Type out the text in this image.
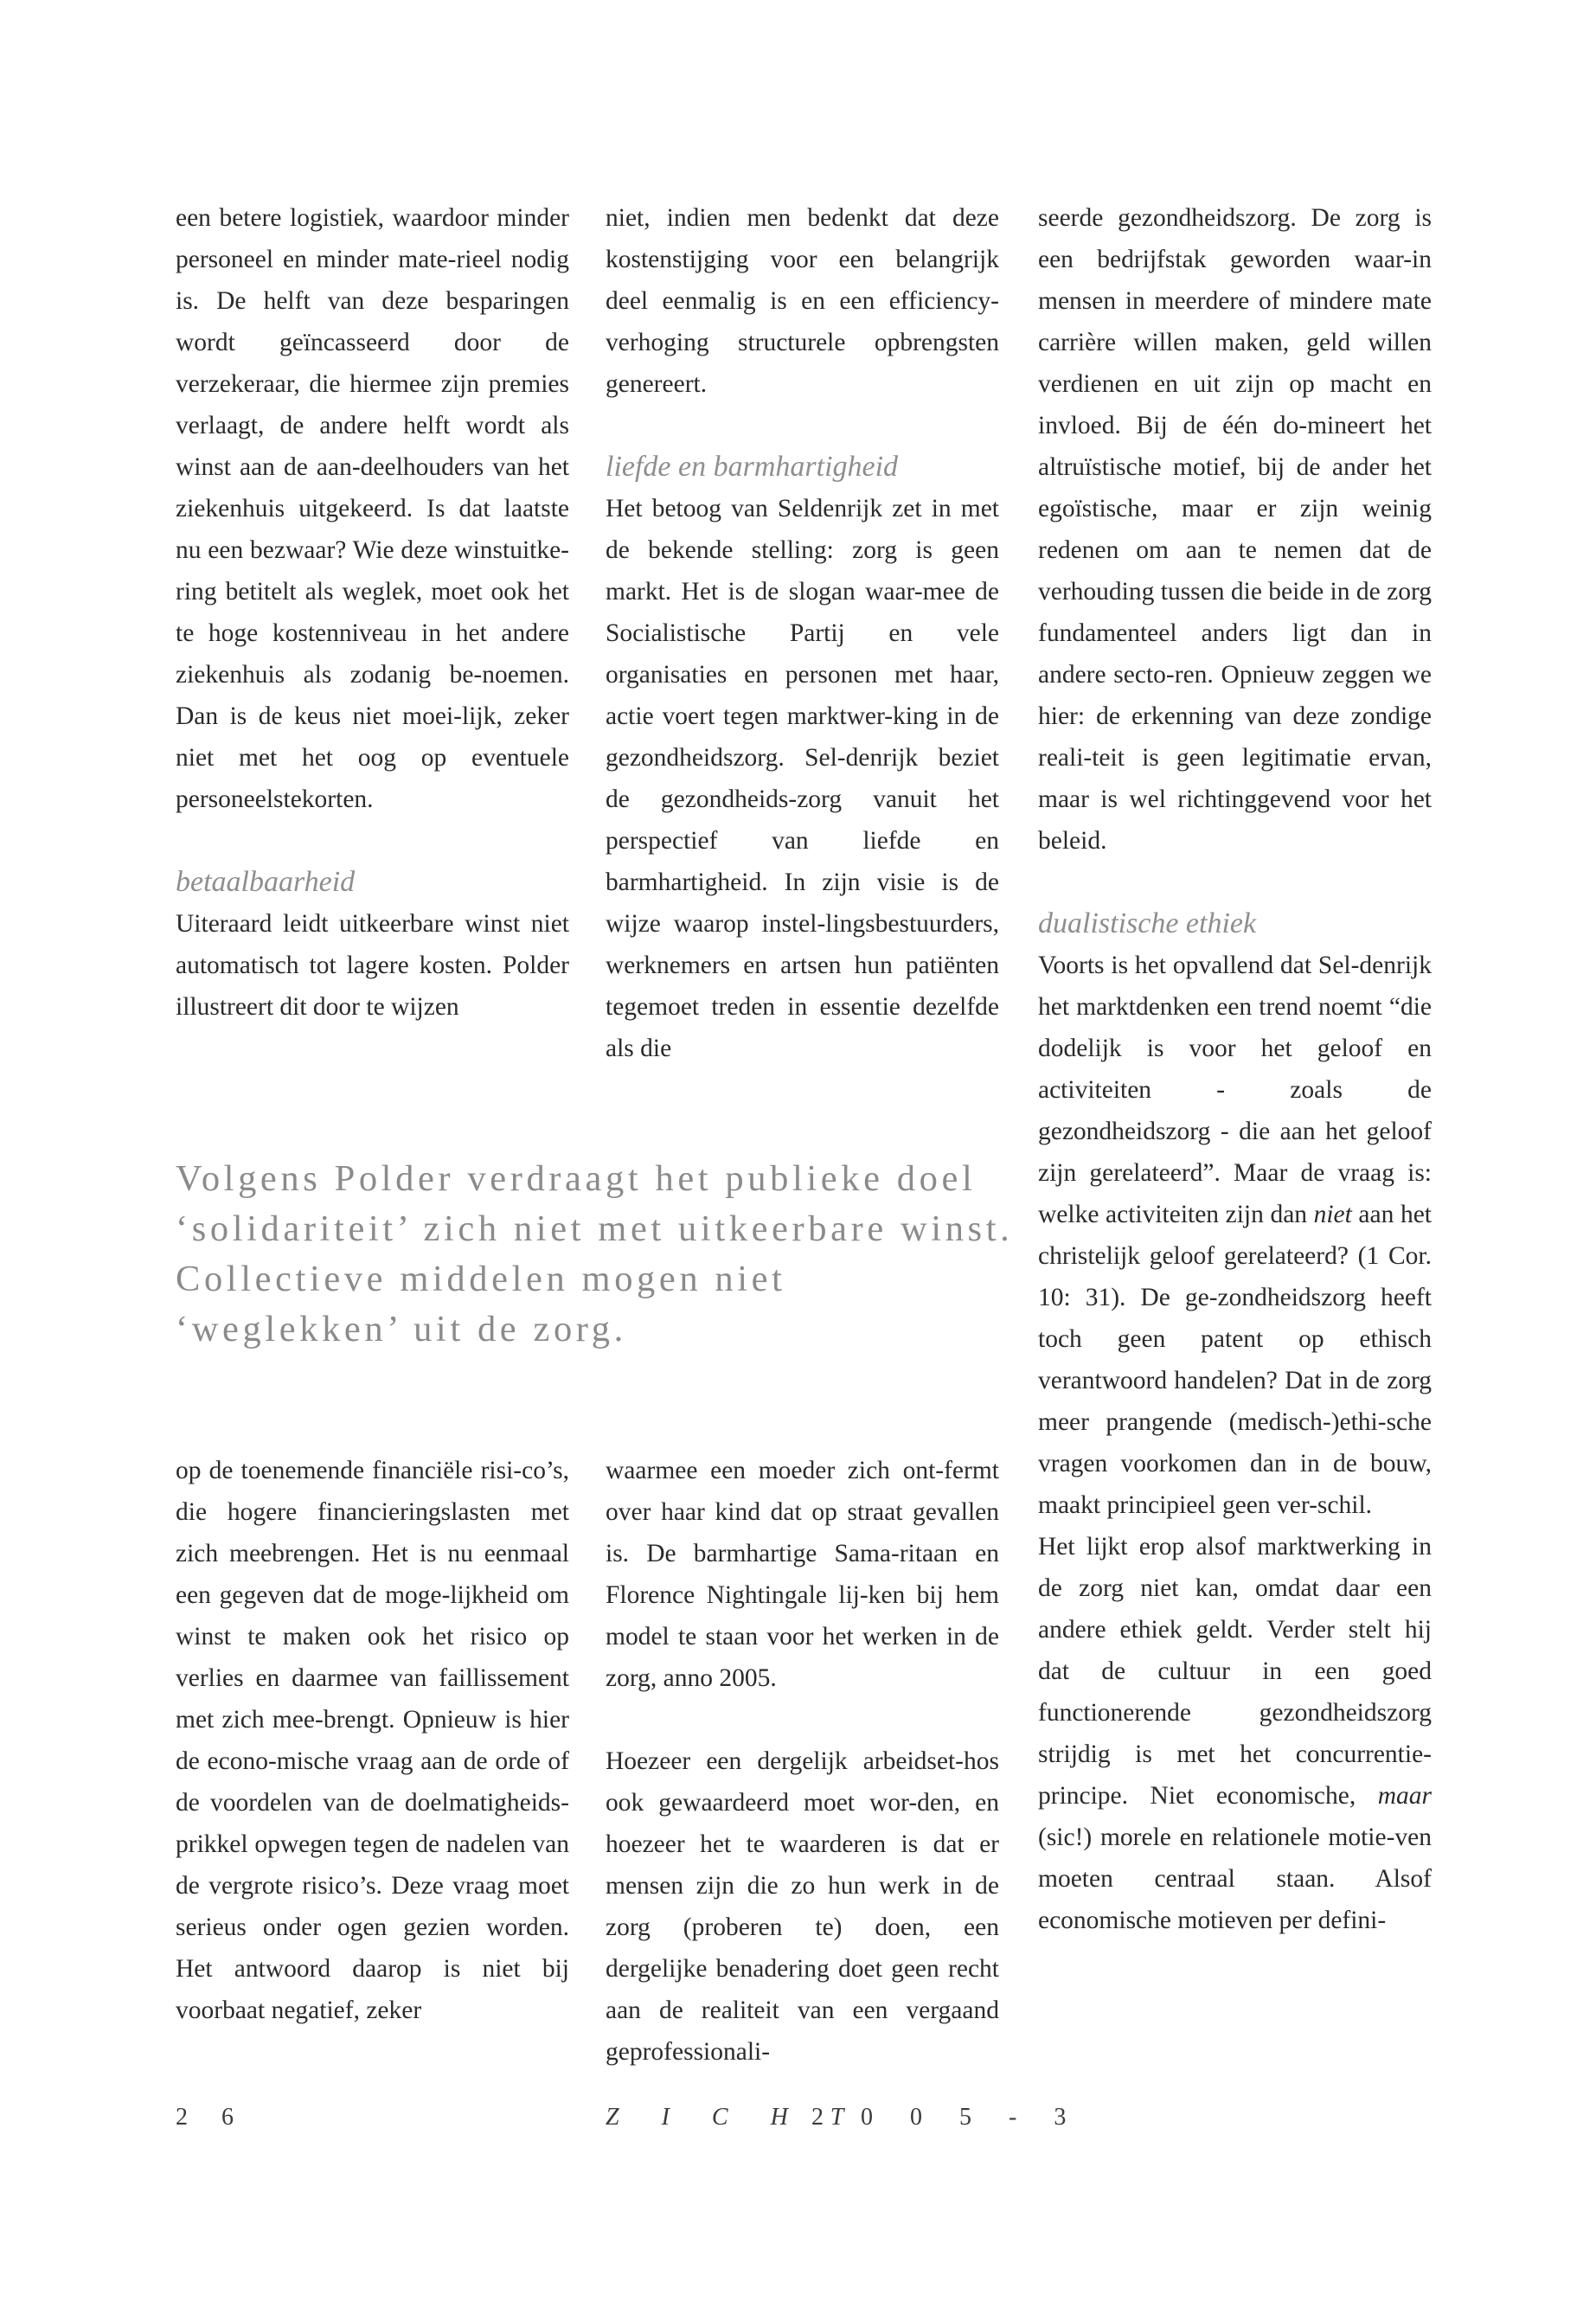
een betere logistiek, waardoor minder personeel en minder mate-rieel nodig is. De helft van deze besparingen wordt geïncasseerd door de verzekeraar, die hiermee zijn premies verlaagt, de andere helft wordt als winst aan de aan-deelhouders van het ziekenhuis uitgekeerd. Is dat laatste nu een bezwaar? Wie deze winstuitke-ring betitelt als weglek, moet ook het te hoge kostenniveau in het andere ziekenhuis als zodanig be-noemen. Dan is de keus niet moei-lijk, zeker niet met het oog op eventuele personeelstekorten.

betaalbaarheid

Uiteraard leidt uitkeerbare winst niet automatisch tot lagere kosten. Polder illustreert dit door te wijzen

niet, indien men bedenkt dat deze kostenstijging voor een belangrijk deel eenmalig is en een efficiency-verhoging structurele opbrengsten genereert.

liefde en barmhartigheid

Het betoog van Seldenrijk zet in met de bekende stelling: zorg is geen markt. Het is de slogan waar-mee de Socialistische Partij en vele organisaties en personen met haar, actie voert tegen marktwer-king in de gezondheidszorg. Sel-denrijk beziet de gezondheids-zorg vanuit het perspectief van liefde en barmhartigheid. In zijn visie is de wijze waarop instel-lingsbestuurders, werknemers en artsen hun patiënten tegemoet treden in essentie dezelfde als die

seerde gezondheidszorg. De zorg is een bedrijfstak geworden waar-in mensen in meerdere of mindere mate carrière willen maken, geld willen verdienen en uit zijn op macht en invloed. Bij de één do-mineert het altruïstische motief, bij de ander het egoïstische, maar er zijn weinig redenen om aan te nemen dat de verhouding tussen die beide in de zorg fundamenteel anders ligt dan in andere secto-ren. Opnieuw zeggen we hier: de erkenning van deze zondige reali-teit is geen legitimatie ervan, maar is wel richtinggevend voor het beleid.

dualistische ethiek

Voorts is het opvallend dat Sel-denrijk het marktdenken een trend noemt “die dodelijk is voor het geloof en activiteiten - zoals de gezondheidszorg - die aan het geloof zijn gerelateerd”. Maar de vraag is: welke activiteiten zijn dan niet aan het christelijk geloof gerelateerd? (1 Cor. 10: 31). De ge-zondheidszorg heeft toch geen patent op ethisch verantwoord handelen? Dat in de zorg meer prangende (medisch-)ethi-sche vragen voorkomen dan in de bouw, maakt principieel geen ver-schil.

Het lijkt erop alsof marktwerking in de zorg niet kan, omdat daar een andere ethiek geldt. Verder stelt hij dat de cultuur in een goed functionerende gezondheidszorg strijdig is met het concurrentie-principe. Niet economische, maar (sic!) morele en relationele motie-ven moeten centraal staan. Alsof economische motieven per defini-

Volgens Polder verdraagt het publieke doel ‘solidariteit’ zich niet met uitkeerbare winst. Collectieve middelen mogen niet ‘weglekken’ uit de zorg.

op de toenemende financiële risi-co’s, die hogere financieringslasten met zich meebrengen. Het is nu eenmaal een gegeven dat de moge-lijkheid om winst te maken ook het risico op verlies en daarmee van faillissement met zich mee-brengt. Opnieuw is hier de econo-mische vraag aan de orde of de voordelen van de doelmatigheids-prikkel opwegen tegen de nadelen van de vergrote risico’s. Deze vraag moet serieus onder ogen gezien worden. Het antwoord daarop is niet bij voorbaat negatief, zeker

waarmee een moeder zich ont-fermt over haar kind dat op straat gevallen is. De barmhartige Sama-ritaan en Florence Nightingale lij-ken bij hem model te staan voor het werken in de zorg, anno 2005.

Hoezeer een dergelijk arbeidset-hos ook gewaardeerd moet wor-den, en hoezeer het te waarderen is dat er mensen zijn die zo hun werk in de zorg (proberen te) doen, een dergelijke benadering doet geen recht aan de realiteit van een vergaand geprofessionali-

2 6	Z I C H T
2 0 0 5 - 3
